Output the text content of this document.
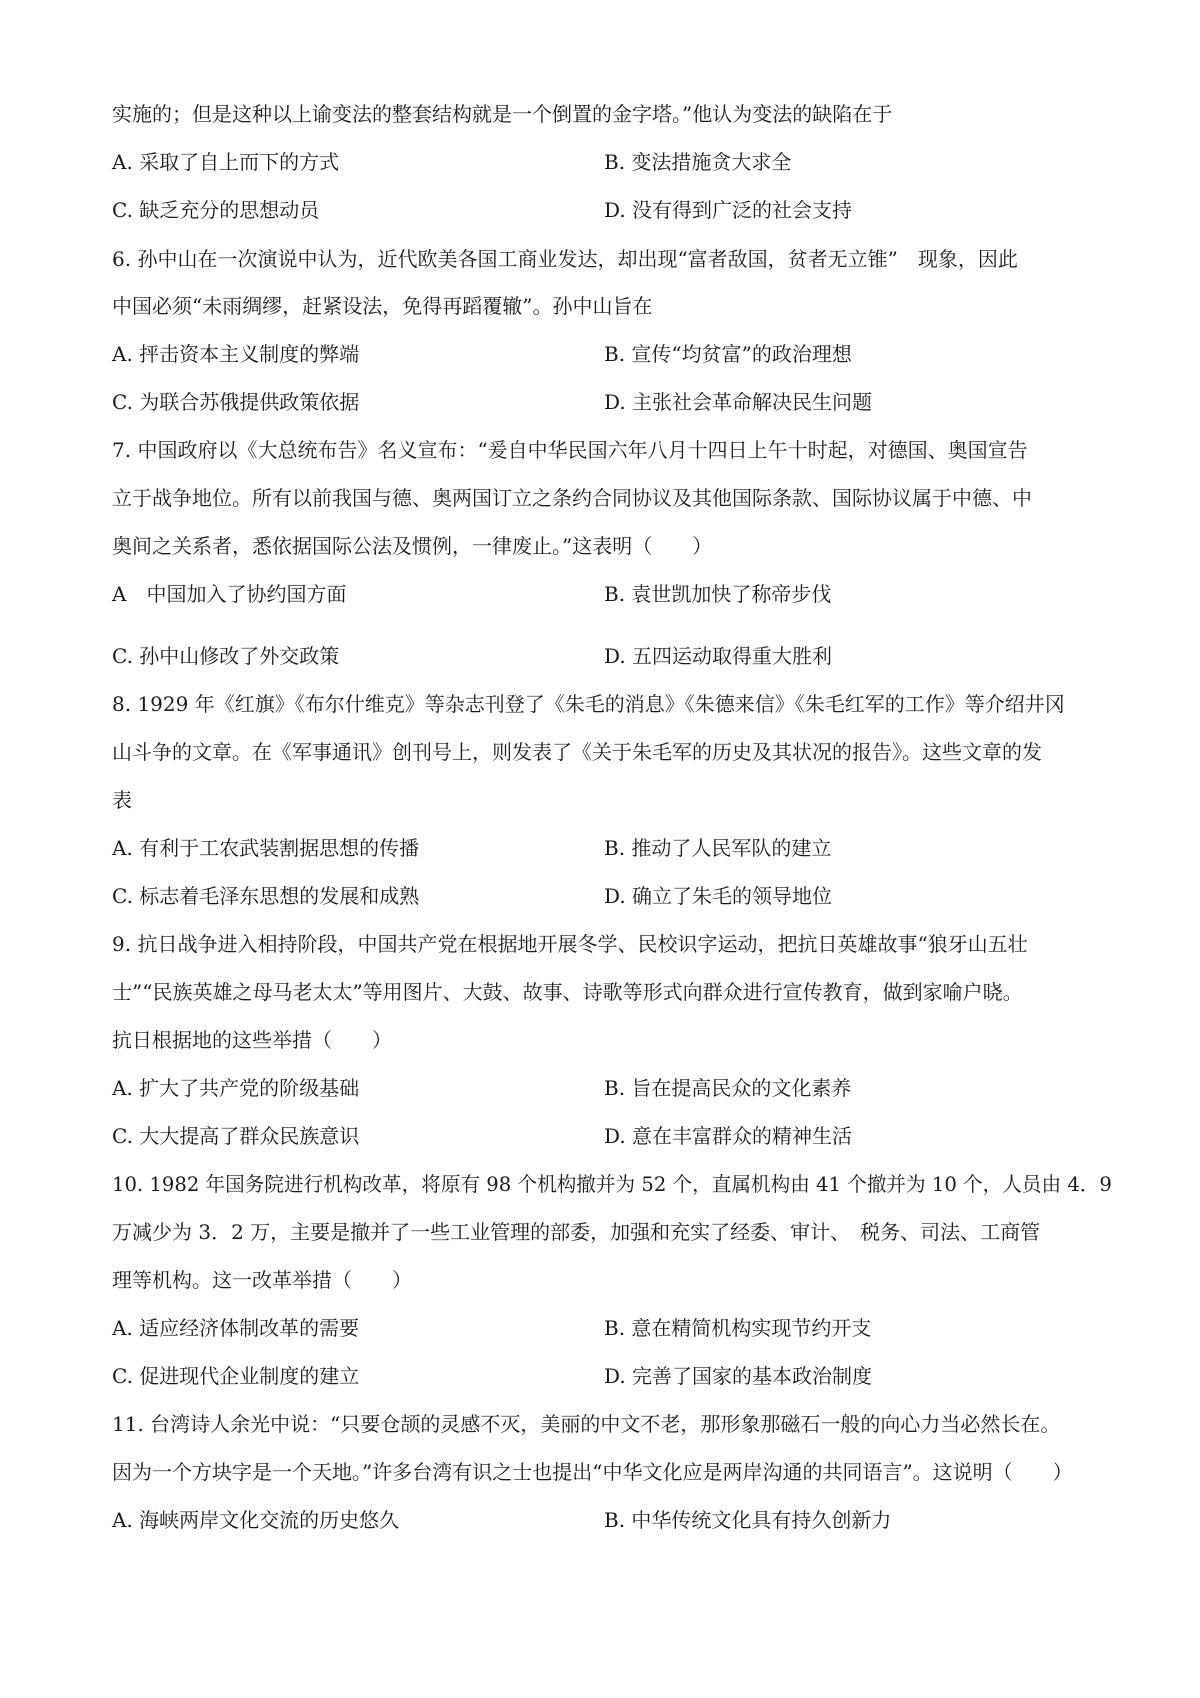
实施的；但是这种以上谕变法的整套结构就是一个倒置的金字塔。”他认为变法的缺陷在于
A. 采取了自上而下的方式	B. 变法措施贪大求全
C. 缺乏充分的思想动员	D. 没有得到广泛的社会支持
6. 孙中山在一次演说中认为，近代欧美各国工商业发达，却出现“富者敌国，贫者无立锥”　现象，因此
中国必须“未雨绸缪，赶紧设法，免得再蹈覆辙”。孙中山旨在
A. 抨击资本主义制度的弊端	B. 宣传“均贫富”的政治理想
C. 为联合苏俄提供政策依据	D. 主张社会革命解决民生问题
7. 中国政府以《大总统布告》名义宣布：“爰自中华民国六年八月十四日上午十时起，对德国、奥国宣告
立于战争地位。所有以前我国与德、奥两国订立之条约合同协议及其他国际条款、国际协议属于中德、中
奥间之关系者，悉依据国际公法及惯例，一律废止。”这表明（　　）
A　中国加入了协约国方面	B. 袁世凯加快了称帝步伐
C. 孙中山修改了外交政策	D. 五四运动取得重大胜利
8. 1929 年《红旗》《布尔什维克》等杂志刊登了《朱毛的消息》《朱德来信》《朱毛红军的工作》等介绍井冈
山斗争的文章。在《军事通讯》创刊号上，则发表了《关于朱毛军的历史及其状况的报告》。这些文章的发
表
A. 有利于工农武装割据思想的传播	B. 推动了人民军队的建立
C. 标志着毛泽东思想的发展和成熟	D. 确立了朱毛的领导地位
9. 抗日战争进入相持阶段，中国共产党在根据地开展冬学、民校识字运动，把抗日英雄故事“狼牙山五壮
士”“民族英雄之母马老太太”等用图片、大鼓、故事、诗歌等形式向群众进行宣传教育，做到家喻户晓。
抗日根据地的这些举措（　　）
A. 扩大了共产党的阶级基础	B. 旨在提高民众的文化素养
C. 大大提高了群众民族意识	D. 意在丰富群众的精神生活
10. 1982 年国务院进行机构改革，将原有 98 个机构撤并为 52 个，直属机构由 41 个撤并为 10 个，人员由 4．9
万减少为 3．2 万，主要是撤并了一些工业管理的部委，加强和充实了经委、审计、　税务、司法、工商管
理等机构。这一改革举措（　　）
A. 适应经济体制改革的需要	B. 意在精简机构实现节约开支
C. 促进现代企业制度的建立	D. 完善了国家的基本政治制度
11. 台湾诗人余光中说：“只要仓颉的灵感不灭，美丽的中文不老，那形象那磁石一般的向心力当必然长在。
因为一个方块字是一个天地。”许多台湾有识之士也提出“中华文化应是两岸沟通的共同语言”。这说明（　　）
A. 海峡两岸文化交流的历史悠久	B. 中华传统文化具有持久创新力
